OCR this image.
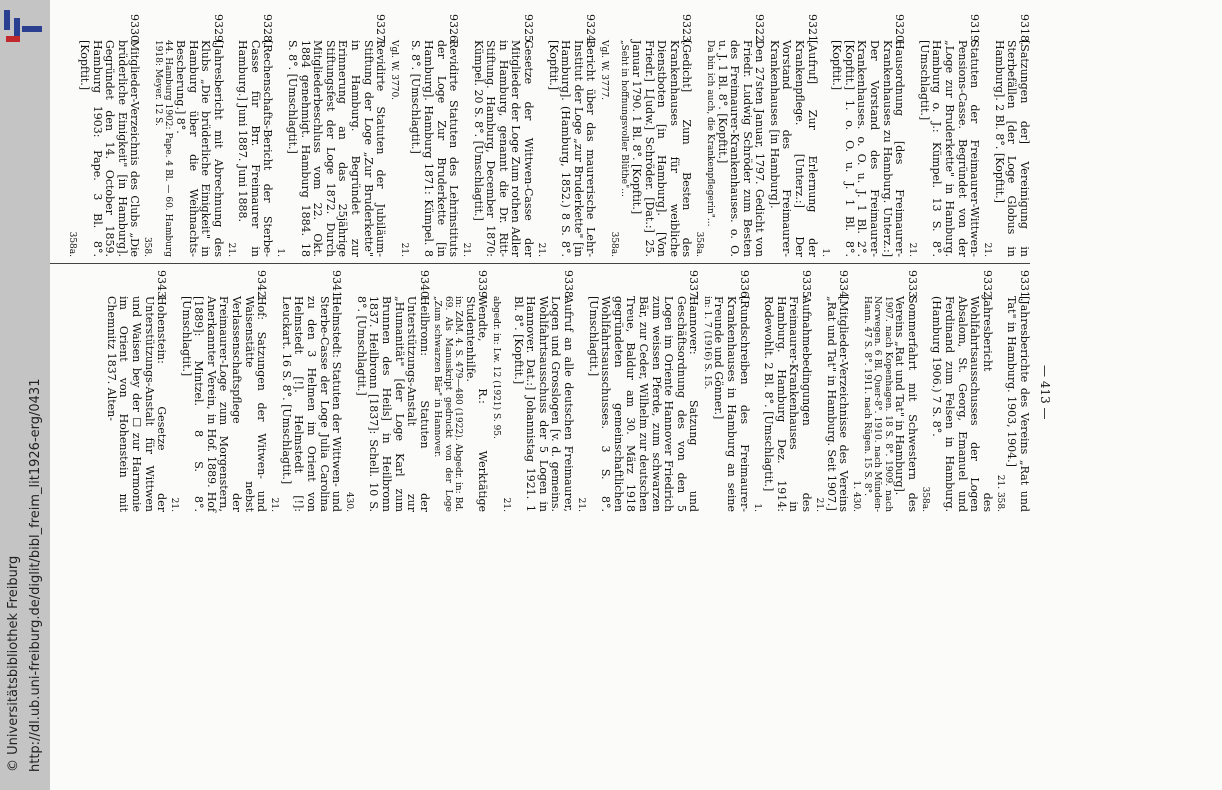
http://dl.ub.uni-freiburg.de/diglit/bibl_freim_lit1926-erg/0431
© Universitätsbibliothek Freiburg
— 413 —
9318.
[Satzungen der] Vereinigung in Sterbefällen [der Loge Globus in Hamburg]. 2 Bl. 8°. [Kopftit.]
21.
9319.
Statuten der Freimaurer-Wittwen-Pensions-Casse. Begründet von der „Loge zur Bruderkette" in Hamburg. Hamburg o. J.: Kümpel. 13 S. 8°. [Umschlagtit.]
21.
9320.
Hausordnung [des Freimaurer-Krankenhauses zu Hamburg. Unterz.:] Der Vorstand des Freimaurer-Krankenhauses. o. O. u. J. 1 Bl. 2°. [Kopftit.] 1. o. O. u. J. 1 Bl. 8°. [Kopftit.]
1.
9321.
[Aufruf] Zur Erlernung der Krankenpflege. [Unterz.:] Der Vorstand des Freimaurer-Krankenhauses [in Hamburg].
9322.
Den 27sten Januar, 1797. Gedicht von Friedr. Ludwig Schröder zum Besten des Freimaurer-Krankenhauses. o. O. u. J. 1 Bl. 8°. [Kopftit.]
Da bin ich auch, die Krankenpflegerin"...
358a.
9323.
[Gedicht] Zum Besten des Krankenhauses für weibliche Dienstboten [in Hamburg]. [Von Friedr.] L[udw.] Schröder. [Dat.:] 25. Januar 1790. 1 Bl. 8°. [Kopftit.]
„Seht in hoffnungsvoller Blüthe"...
358a.
Vgl. W. 3777.
9324.
Bericht über das maurerische Lehr-Institut der Loge „zur Bruderkette" [in Hamburg]. (Hamburg, 1852.) 8 S. 8°. [Kopftit.]
21.
9325.
Gesetze der Wittwen-Casse der Mitglieder der Loge Zum rothen Adler in Hamburg, genannt die Dr. Ritt-Stiftung. Hamburg, December 1870: Kümpel. 20 S. 8°. [Umschlagtit.]
21.
9326.
Revidirte Statuten des Lehrinstituts der Loge Zur Bruderkette [in Hamburg]. Hamburg 1871: Kümpel. 8 S. 8°. [Umschlagtit.]
21.
Vgl. W. 3770.
9327.
Revidirte Statuten der Jubiläum-Stiftung der Loge „Zur Bruderkette" in Hamburg. Begründet zur Erinnerung an das 25jährige Stiftungsfest der Loge 1872. Durch Mitgliederbeschluss vom 22. Okt. 1884 genehmigt. Hamburg 1884. 18 S. 8°. [Umschlagtit.]
1.
9328.
[Rechenschafts-Bericht der Sterbe-Casse für Brr. Freimaurer in Hamburg.] Juni 1887. Juni 1888.
21.
9329.
[Jahresbericht mit Abrechnung des Klubs „Die brüderliche Einigkeit" in Hamburg über die Weihnachts-Bescherung.] 8°.
44. Hamburg 1902: Pape. 4 Bl. — 60. Hamburg 1918: Meyer. 12 S.
358.
9330.
Mitglieder-Verzeichnis des Clubs „Die brüderliche Einigkeit" [in Hamburg]. Gegründet den 14. October 1859. Hamburg 1903: Pape. 3 Bl. 8°. [Kopftit.]
358a.
9331.
[Jahresberichte des Vereins „Rat und Tat" in Hamburg. 1903, 1904.]
21. 358.
9332.
Jahresbericht des Wohlfahrtsausschusses der Logen Absalom, St. Georg, Emanuel und Ferdinand zum Felsen in Hamburg. (Hamburg 1906.) 7 S. 8°.
358a.
9333.
Sommerfahrt mit Schwestern des Vereins „Rat und Tat" in Hamburg].
1907. nach Kopenhagen. 18 S. 8°. 1909. nach Norwegen. 6 Bl. Quer-8°. 1910. nach Münden-Hann. 47 S. 8°. 1911. nach Rügen. 15 S. 8°.
1. 430.
9334.
[Mitglieder-Verzeichnisse des Vereins „Rat und Tat" in Hamburg. Seit 1907.]
21.
9335.
Aufnahmebedingungen des Freimaurer-Krankenhauses in Hamburg. Hamburg Dez. 1914: Rodewohlt. 2 Bl. 8°. [Umschlagtit.]
1.
9336.
[Rundschreiben des Freimaurer-Krankenhauses in Hamburg an seine Freunde und Gönner.]
in: 1. 7 (1916) S. 15.
9337.
Hannover: Satzung und Geschäftsordnung des von den 5 Logen im Oriente Hannover Friedrich zum weissen Pferde, zum schwarzen Bär, zur Ceder, Wilhelm zur deutschen Treue, Baldur am 30. März 1918 gegründeten gemeinschaftlichen Wohlfahrtsausschusses. 3 S. 8°. [Umschlagtit.]
21.
9338.
Aufruf an alle deutschen Freimaurer, Logen und Grosslogen [v. d. gemeins. Wohlfahrtsausschuss der 5 Logen in Hannover. Dat.:] Johannistag 1921. 1 Bl. 8°. [Kopftit.]
21.
abgedr. in: Lw. 12 (1921) S. 95.
9339.
Wendte, R.: Werktätige Studentenhilfe.
in: ZdM. 4. S. 479—480 (1922). Abgedr. in: Bd. 69. Als Manuskript gedruckt von der Loge „Zum schwarzen Bär" in Hannover.
9340.
Heilbronn: Statuten der Unterstützungs-Anstalt zur „Humanität" [der Loge Karl zum Brunnen des Heils] in Heilbronn 1837. Heilbronn [1837]: Schell. 10 S. 8°. [Umschlagtit.]
430.
9341.
Helmstedt: Statuten der Wittwen- und Sterbe-Casse der Loge Julia Carolina zu den 3 Helmen im Orient von Helmstedt [!]. Helmstedt [!]: Leuckart. 16 S. 8°. [Umschlagtit.]
21.
9342.
Hof: Satzungen der Witwen- und Waisenstätte nebst Verlassenschaftspflege der Freimaurer-Loge zum Morgenstern, Anerkannter Verein, in Hof. 1889. Hof [1889]: Mintzel. 8 S. 8°. [Umschlagtit.]
21.
9343.
Hohenstein: Gesetze der Unterstützungs-Anstalt für Wittwen und Waisen bey der ☐ zur Harmonie im Orient von Hohenstein mit Chemnitz 1837. Alten-
